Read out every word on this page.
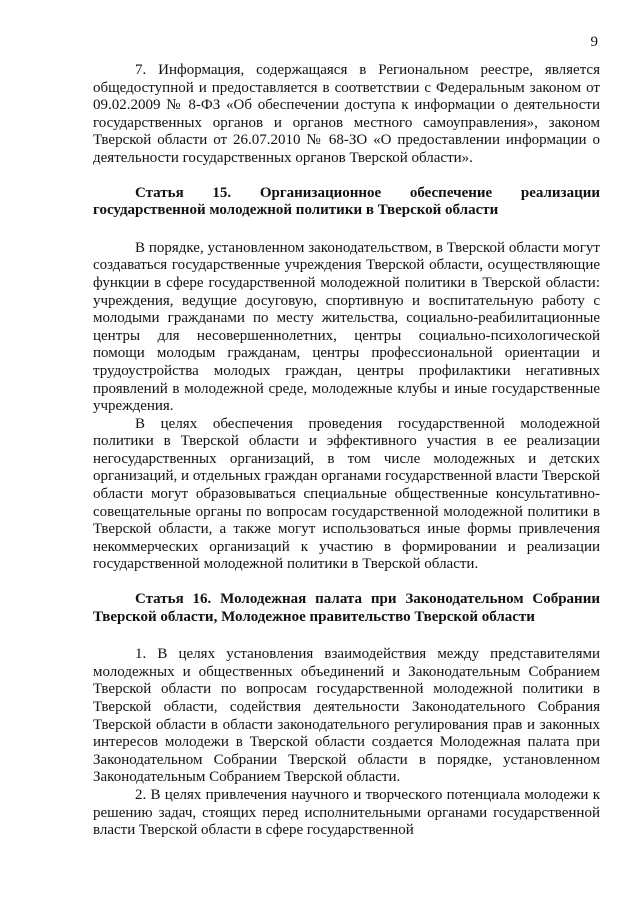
9

7. Информация, содержащаяся в Региональном реестре, является общедоступной и предоставляется в соответствии с Федеральным законом от 09.02.2009 № 8-ФЗ «Об обеспечении доступа к информации о деятельности государственных органов и органов местного самоуправления», законом Тверской области от 26.07.2010 № 68-ЗО «О предоставлении информации о деятельности государственных органов Тверской области».

Статья 15. Организационное обеспечение реализации государственной молодежной политики в Тверской области

В порядке, установленном законодательством, в Тверской области могут создаваться государственные учреждения Тверской области, осуществляющие функции в сфере государственной молодежной политики в Тверской области: учреждения, ведущие досуговую, спортивную и воспитательную работу с молодыми гражданами по месту жительства, социально-реабилитационные центры для несовершеннолетних, центры социально-психологической помощи молодым гражданам, центры профессиональной ориентации и трудоустройства молодых граждан, центры профилактики негативных проявлений в молодежной среде, молодежные клубы и иные государственные учреждения.

В целях обеспечения проведения государственной молодежной политики в Тверской области и эффективного участия в ее реализации негосударственных организаций, в том числе молодежных и детских организаций, и отдельных граждан органами государственной власти Тверской области могут образовываться специальные общественные консультативно-совещательные органы по вопросам государственной молодежной политики в Тверской области, а также могут использоваться иные формы привлечения некоммерческих организаций к участию в формировании и реализации государственной молодежной политики в Тверской области.

Статья 16. Молодежная палата при Законодательном Собрании Тверской области, Молодежное правительство Тверской области

1. В целях установления взаимодействия между представителями молодежных и общественных объединений и Законодательным Собранием Тверской области по вопросам государственной молодежной политики в Тверской области, содействия деятельности Законодательного Собрания Тверской области в области законодательного регулирования прав и законных интересов молодежи в Тверской области создается Молодежная палата при Законодательном Собрании Тверской области в порядке, установленном Законодательным Собранием Тверской области.

2. В целях привлечения научного и творческого потенциала молодежи к решению задач, стоящих перед исполнительными органами государственной власти Тверской области в сфере государственной
